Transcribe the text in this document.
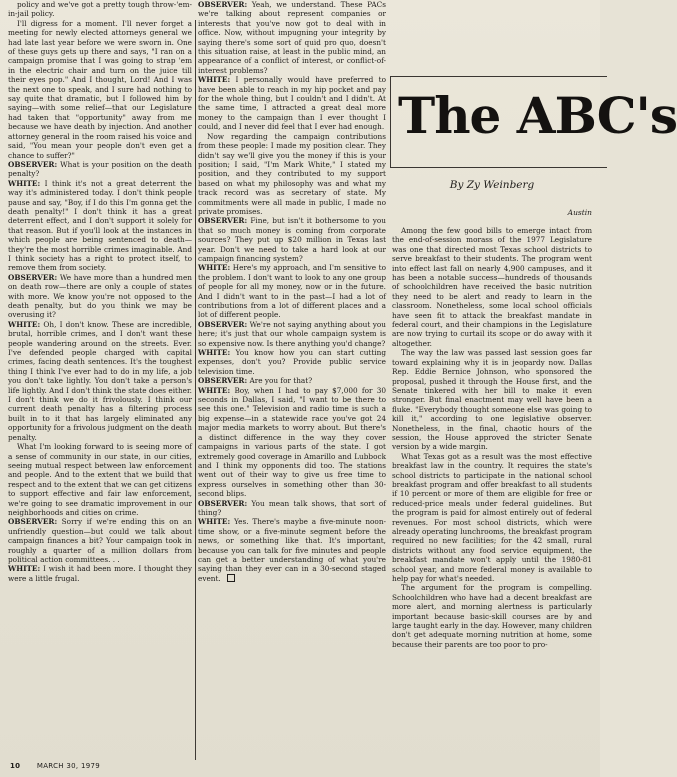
policy and we've got a pretty tough throw-'em-in-jail policy.

I'll digress for a moment. I'll never forget a meeting for newly elected attorneys general we had late last year before we were sworn in. One of these guys gets up there and says, "I ran on a campaign promise that I was going to strap 'em in the electric chair and turn on the juice till their eyes pop." And I thought, Lord! And I was the next one to speak, and I sure had nothing to say quite that dramatic, but I followed him by saying—with some relief—that our Legislature had taken that "opportunity" away from me because we have death by injection. And another attorney general in the room raised his voice and said, "You mean your people don't even get a chance to suffer?"

OBSERVER: What is your position on the death penalty?

WHITE: I think it's not a great deterrent the way it's administered today. I don't think people pause and say, "Boy, if I do this I'm gonna get the death penalty!" I don't think it has a great deterrent effect, and I don't support it solely for that reason. But if you'll look at the instances in which people are being sentenced to death—they're the most horrible crimes imaginable. And I think society has a right to protect itself, to remove them from society.

OBSERVER: We have more than a hundred men on death row—there are only a couple of states with more. We know you're not opposed to the death penalty, but do you think we may be overusing it?

WHITE: Oh, I don't know. These are incredible, brutal, horrible crimes, and I don't want these people wandering around on the streets. Ever. I've defended people charged with capital crimes, facing death sentences. It's the toughest thing I think I've ever had to do in my life, a job you don't take lightly. You don't take a person's life lightly. And I don't think the state does either. I don't think we do it frivolously. I think our current death penalty has a filtering process built in to it that has largely eliminated any opportunity for a frivolous judgment on the death penalty.

What I'm looking forward to is seeing more of a sense of community in our state, in our cities, seeing mutual respect between law enforcement and people. And to the extent that we build that respect and to the extent that we can get citizens to support effective and fair law enforcement, we're going to see dramatic improvement in our neighborhoods and cities on crime.

OBSERVER: Sorry if we're ending this on an unfriendly question—but could we talk about campaign finances a bit? Your campaign took in roughly a quarter of a million dollars from political action committees. . .

WHITE: I wish it had been more. I thought they were a little frugal.

OBSERVER: Yeah, we understand. These PACs we're talking about represent companies or interests that you've now got to deal with in office. Now, without impugning your integrity by saying there's some sort of quid pro quo, doesn't this situation raise, at least in the public mind, an appearance of a conflict of interest, or conflict-of-interest problems?

WHITE: I personally would have preferred to have been able to reach in my hip pocket and pay for the whole thing, but I couldn't and I didn't. At the same time, I attracted a great deal more money to the campaign than I ever thought I could, and I never did feel that I ever had enough.

Now regarding the campaign contributions from these people: I made my position clear. They didn't say we'll give you the money if this is your position; I said, "I'm Mark White," I stated my position, and they contributed to my support based on what my philosophy was and what my track record was as secretary of state. My commitments were all made in public, I made no private promises.

OBSERVER: Fine, but isn't it bothersome to you that so much money is coming from corporate sources? They put up $20 million in Texas last year. Don't we need to take a hard look at our campaign financing system?

WHITE: Here's my approach, and I'm sensitive to the problem. I don't want to look to any one group of people for all my money, now or in the future. And I didn't want to in the past—I had a lot of contributions from a lot of different places and a lot of different people.

OBSERVER: We're not saying anything about you here; it's just that our whole campaign system is so expensive now. Is there anything you'd change?

WHITE: You know how you can start cutting expenses, don't you? Provide public service television time.

OBSERVER: Are you for that?

WHITE: Boy, when I had to pay $7,000 for 30 seconds in Dallas, I said, "I want to be there to see this one." Television and radio time is such a big expense—in a statewide race you've got 24 major media markets to worry about. But there's a distinct difference in the way they cover campaigns in various parts of the state. I got extremely good coverage in Amarillo and Lubbock and I think my opponents did too. The stations went out of their way to give us free time to express ourselves in something other than 30-second blips.

OBSERVER: You mean talk shows, that sort of thing?

WHITE: Yes. There's maybe a five-minute noon-time show, or a five-minute segment before the news, or something like that. It's important, because you can talk for five minutes and people can get a better understanding of what you're saying than they ever can in a 30-second staged event.

The ABC's
By Zy Weinberg
Austin

Among the few good bills to emerge intact from the end-of-session morass of the 1977 Legislature was one that directed most Texas school districts to serve breakfast to their students. The program went into effect last fall on nearly 4,900 campuses, and it has been a notable success—hundreds of thousands of schoolchildren have received the basic nutrition they need to be alert and ready to learn in the classroom. Nonetheless, some local school officials have seen fit to attack the breakfast mandate in federal court, and their champions in the Legislature are now trying to curtail its scope or do away with it altogether.

The way the law was passed last session goes far toward explaining why it is in jeopardy now. Dallas Rep. Eddie Bernice Johnson, who sponsored the proposal, pushed it through the House first, and the Senate tinkered with her bill to make it even stronger. But final enactment may well have been a fluke. "Everybody thought someone else was going to kill it," according to one legislative observer. Nonetheless, in the final, chaotic hours of the session, the House approved the stricter Senate version by a wide margin.

What Texas got as a result was the most effective breakfast law in the country. It requires the state's school districts to participate in the national school breakfast program and offer breakfast to all students if 10 percent or more of them are eligible for free or reduced-price meals under federal guidelines. But the program is paid for almost entirely out of federal revenues. For most school districts, which were already operating lunchrooms, the breakfast program required no new facilities; for the 42 small, rural districts without any food service equipment, the breakfast mandate won't apply until the 1980-81 school year, and more federal money is available to help pay for what's needed.

The argument for the program is compelling. Schoolchildren who have had a decent breakfast are more alert, and morning alertness is particularly important because basic-skill courses are by and large taught early in the day. However, many children don't get adequate morning nutrition at home, some because their parents are too poor to pro-

10 MARCH 30, 1979
